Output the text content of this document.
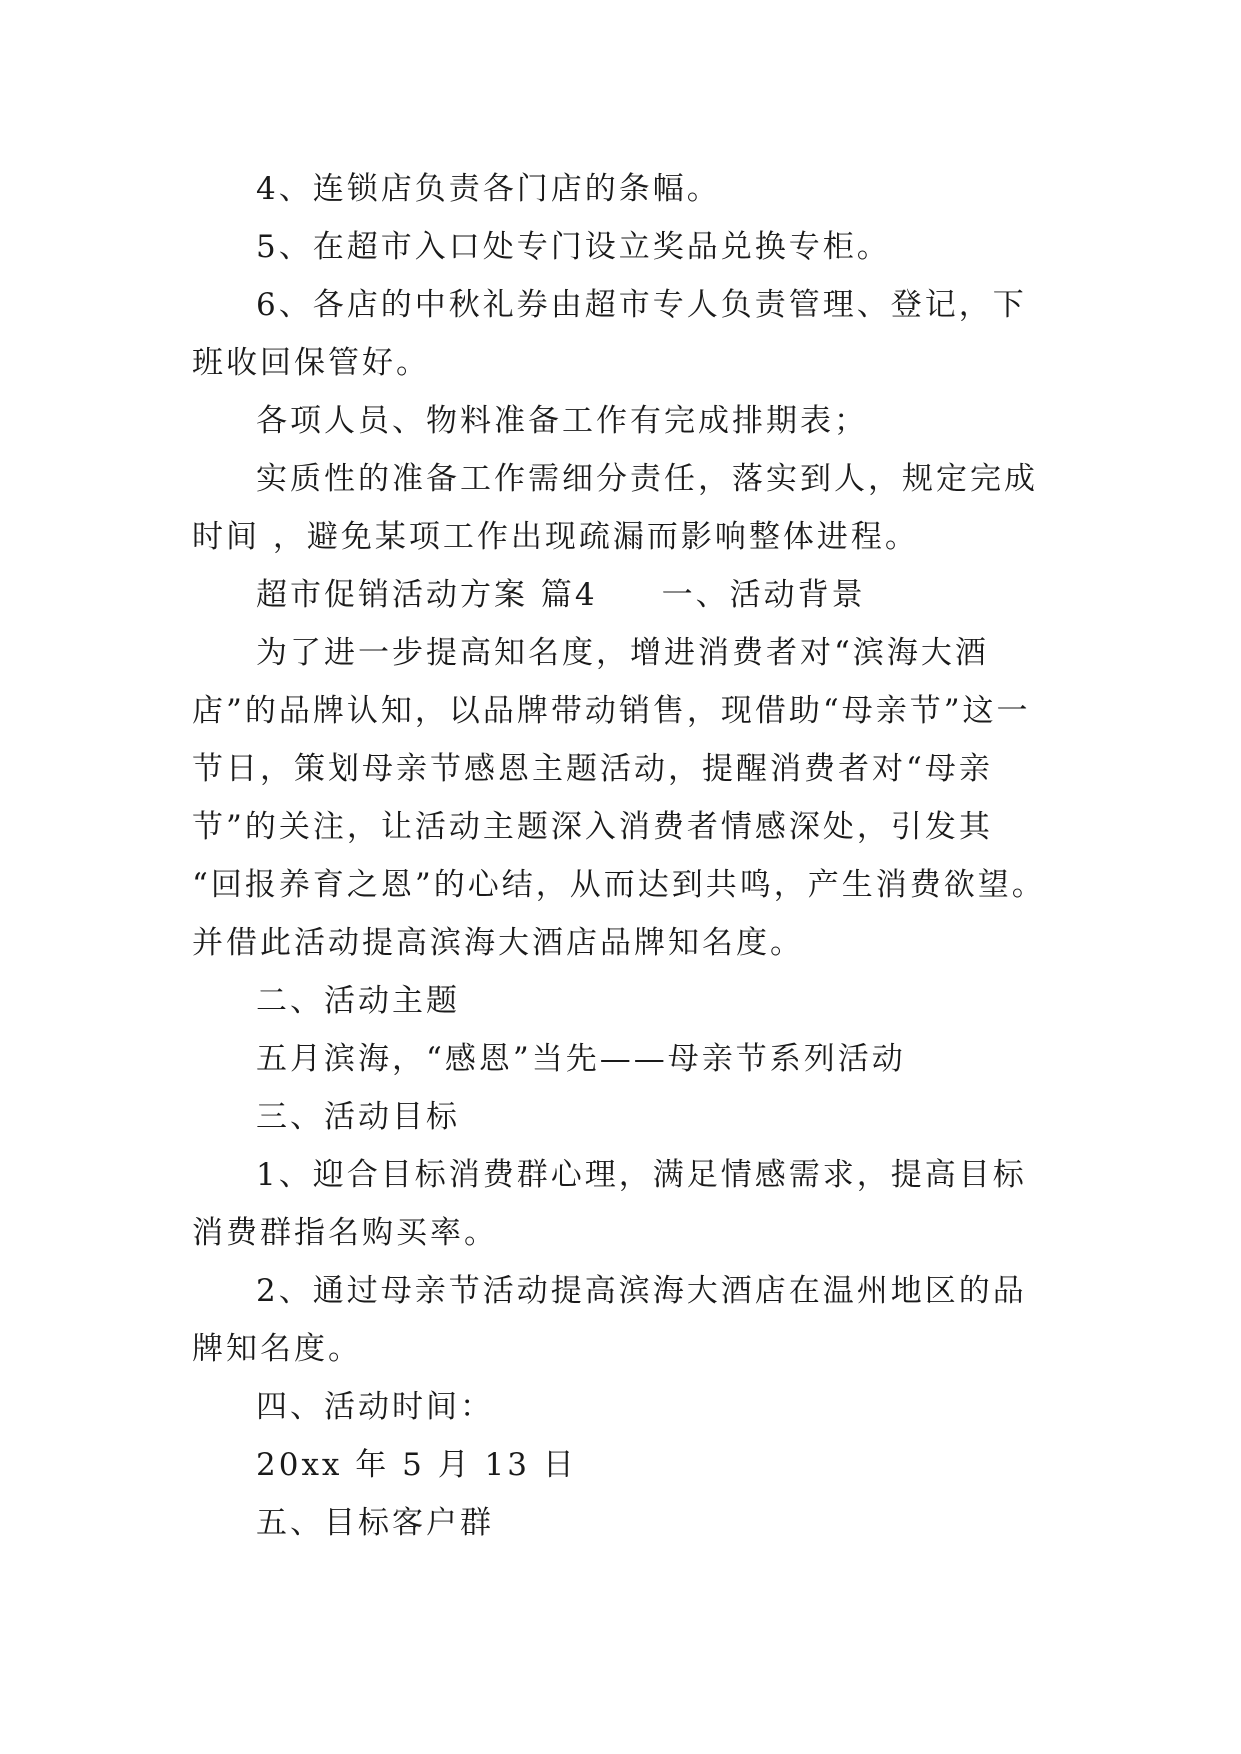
4、连锁店负责各门店的条幅。

5、在超市入口处专门设立奖品兑换专柜。

6、各店的中秋礼券由超市专人负责管理、登记，下班收回保管好。

各项人员、物料准备工作有完成排期表；

实质性的准备工作需细分责任，落实到人，规定完成时间 ，避免某项工作出现疏漏而影响整体进程。

超市促销活动方案 篇4 一、活动背景

为了进一步提高知名度，增进消费者对“滨海大酒店”的品牌认知，以品牌带动销售，现借助“母亲节”这一节日，策划母亲节感恩主题活动，提醒消费者对“母亲节”的关注，让活动主题深入消费者情感深处，引发其 “回报养育之恩”的心结，从而达到共鸣，产生消费欲望。并借此活动提高滨海大酒店品牌知名度。

二、活动主题

五月滨海，“感恩”当先——母亲节系列活动

三、活动目标

1、迎合目标消费群心理，满足情感需求，提高目标消费群指名购买率。

2、通过母亲节活动提高滨海大酒店在温州地区的品牌知名度。

四、活动时间：

20xx 年 5 月 13 日

五、目标客户群
